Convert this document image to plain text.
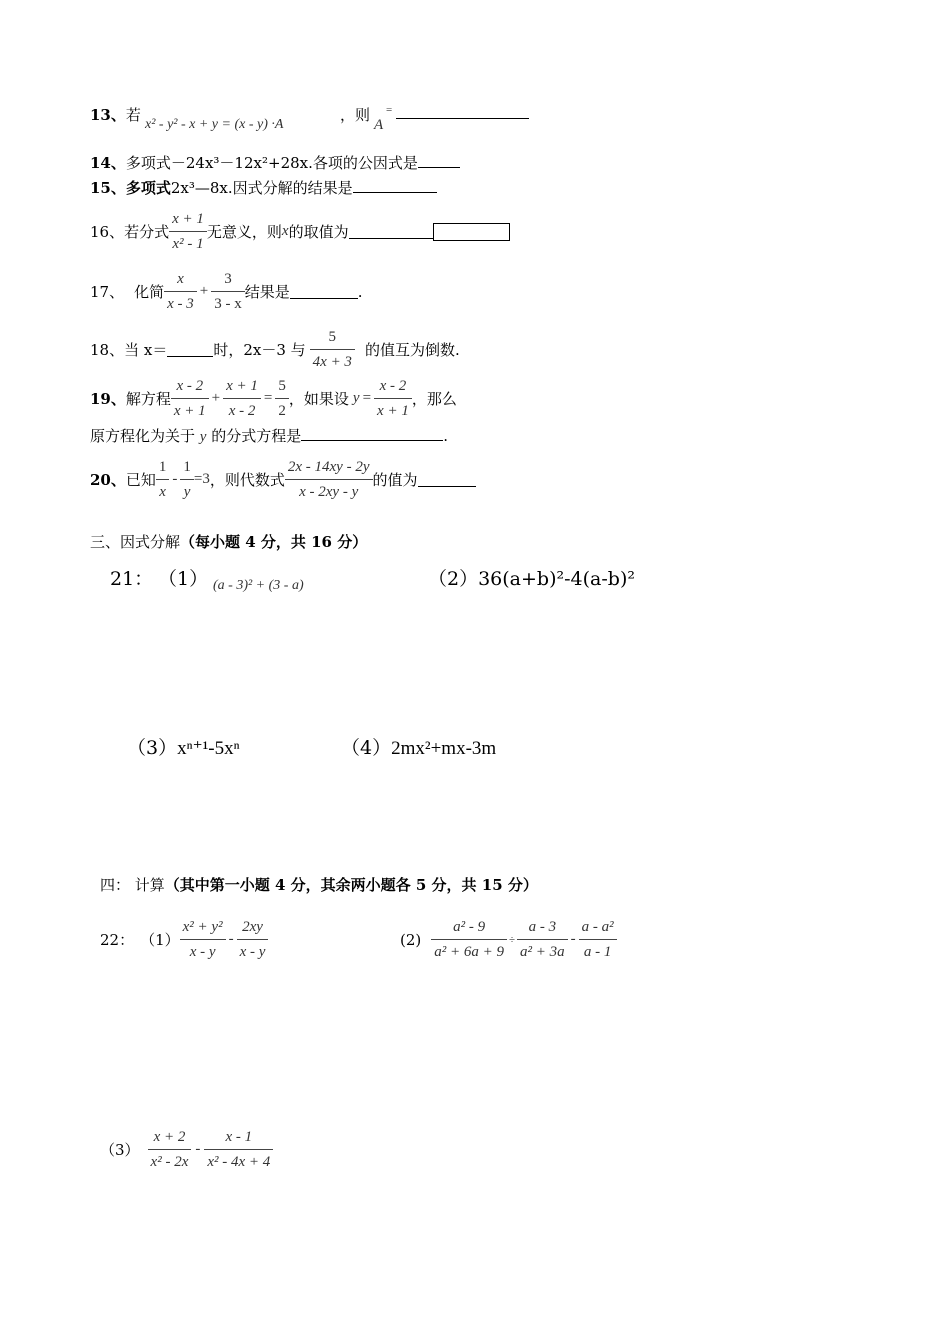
13、若
x² - y² - x + y = (x - y) ·A
，则
A
=
14、多项式－24x³－12x²+28x.各项的公因式是
15、多项式2x³—8x.因式分解的结果是
16、 若分式 $\frac{x + 1}{\text{x² - 1}}$ 无意义，则 x 的取值为
17、 化简 $\frac{x}{x - 3} + \frac{3}{3 - x}$ 结果是	.
18、 当 x＝	时，2x－3 与 $\frac{5}{4x + 3}$ 的值互为倒数.
19、 解方程 $\frac{x - 2}{x + 1} + \frac{x + 1}{x - 2} = \frac{5}{2}$ ，如果设 $y = \frac{x - 2}{x + 1}$ ，那么
原方程化为关于 y 的分式方程是	.
20、 已知 $\frac{1}{x} - \frac{1}{y} =3$ ，则代数式 $\frac{2x - 14xy - 2y}{x - 2xy - y}$ 的值为
三、因式分解（每小题 4 分，共 16 分）
21： （1） (a - 3)² + (3 - a)	（2）36(a+b)²-4(a-b)²
（3）xⁿ⁺¹-5xⁿ	（4）2mx²+mx-3m
四： 计算（其中第一小题 4 分，其余两小题各 5 分，共 15 分）
22： $(1) \frac{\text{x² + y²}}{x - y} - \frac{2xy}{x - y}$	$(2) \frac{\text{a² - 9}}{\text{a² + 6a + 9}} \div \frac{a - 3}{\text{a² + 3a}} - \frac{\text{a - a²}}{a - 1}$
$(3) \frac{x + 2}{\text{x² - 2x}} - \frac{x - 1}{\text{x² - 4x + 4}}$
